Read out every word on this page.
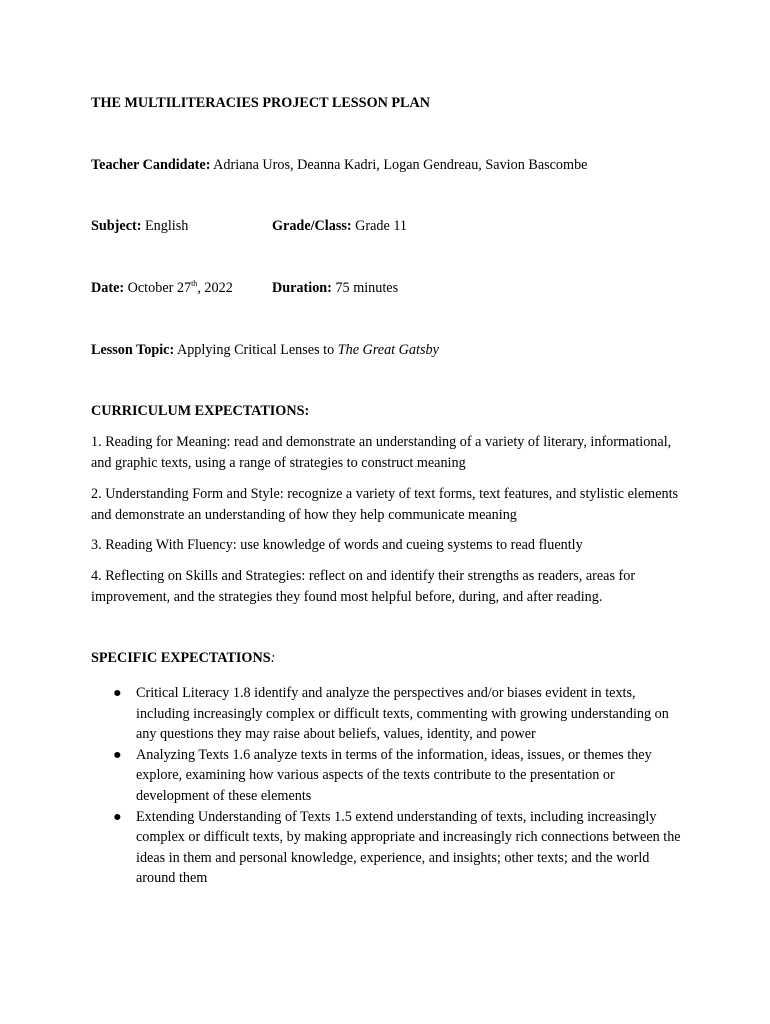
THE MULTILITERACIES PROJECT LESSON PLAN
Teacher Candidate: Adriana Uros, Deanna Kadri, Logan Gendreau, Savion Bascombe
Subject: English	Grade/Class: Grade 11
Date: October 27th, 2022	Duration: 75 minutes
Lesson Topic: Applying Critical Lenses to The Great Gatsby
CURRICULUM EXPECTATIONS:
1. Reading for Meaning: read and demonstrate an understanding of a variety of literary, informational, and graphic texts, using a range of strategies to construct meaning
2. Understanding Form and Style: recognize a variety of text forms, text features, and stylistic elements and demonstrate an understanding of how they help communicate meaning
3. Reading With Fluency: use knowledge of words and cueing systems to read fluently
4. Reflecting on Skills and Strategies: reflect on and identify their strengths as readers, areas for improvement, and the strategies they found most helpful before, during, and after reading.
SPECIFIC EXPECTATIONS:
● Critical Literacy 1.8 identify and analyze the perspectives and/or biases evident in texts, including increasingly complex or difficult texts, commenting with growing understanding on any questions they may raise about beliefs, values, identity, and power
● Analyzing Texts 1.6 analyze texts in terms of the information, ideas, issues, or themes they explore, examining how various aspects of the texts contribute to the presentation or development of these elements
● Extending Understanding of Texts 1.5 extend understanding of texts, including increasingly complex or difficult texts, by making appropriate and increasingly rich connections between the ideas in them and personal knowledge, experience, and insights; other texts; and the world around them
